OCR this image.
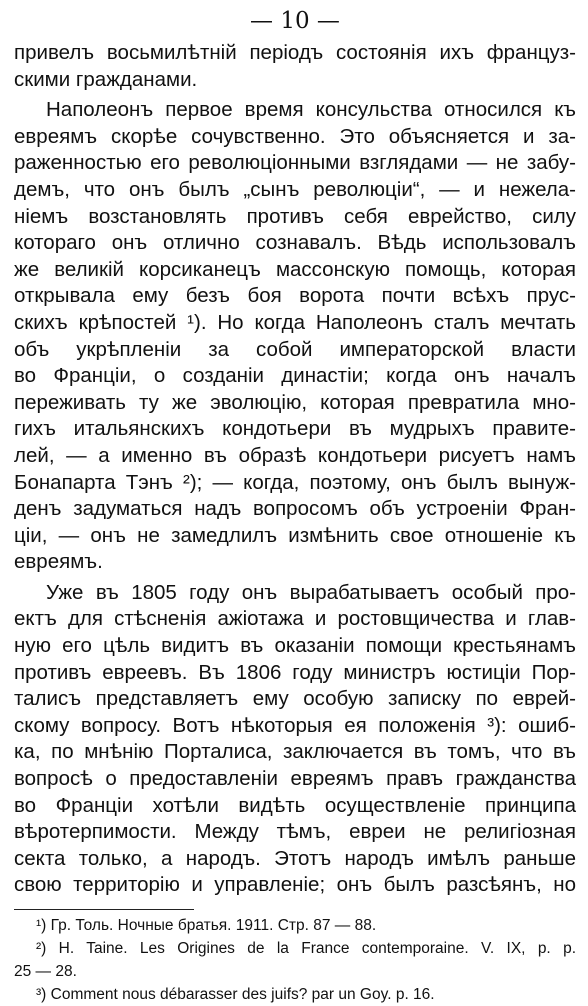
— 10 —
привелъ восьмилѣтній періодъ состоянія ихъ француз-
скими гражданами.
Наполеонъ первое время консульства относился къ
евреямъ скорѣе сочувственно. Это объясняется и за-
раженностью его революціонными взглядами — не забу-
демъ, что онъ былъ „сынъ революціи“, — и нежела-
ніемъ возстановлять противъ себя еврейство, силу
котораго онъ отлично сознавалъ. Вѣдь использовалъ
же великій корсиканецъ массонскую помощь, которая
открывала ему безъ боя ворота почти всѣхъ прус-
скихъ крѣпостей ¹). Но когда Наполеонъ сталъ мечтать
объ укрѣпленіи за собой императорской власти
во Франціи, о созданіи династіи; когда онъ началъ
переживать ту же эволюцію, которая превратила мно-
гихъ итальянскихъ кондотьери въ мудрыхъ правите-
лей, — а именно въ образѣ кондотьери рисуетъ намъ
Бонапарта Тэнъ ²); — когда, поэтому, онъ былъ вынуж-
денъ задуматься надъ вопросомъ объ устроеніи Фран-
ціи, — онъ не замедлилъ измѣнить свое отношеніе къ
евреямъ.
Уже въ 1805 году онъ вырабатываетъ особый про-
ектъ для стѣсненія ажіотажа и ростовщичества и глав-
ную его цѣль видитъ въ оказаніи помощи крестьянамъ
противъ евреевъ. Въ 1806 году министръ юстиціи Пор-
талисъ представляетъ ему особую записку по еврей-
скому вопросу. Вотъ нѣкоторыя ея положенія ³): ошиб-
ка, по мнѣнію Порталиса, заключается въ томъ, что въ
вопросѣ о предоставленіи евреямъ правъ гражданства
во Франціи хотѣли видѣть осуществленіе принципа
вѣротерпимости. Между тѣмъ, евреи не религіозная
секта только, а народъ. Этотъ народъ имѣлъ раньше
свою территорію и управленіе; онъ былъ разсѣянъ, но
¹) Гр. Толь. Ночные братья. 1911. Стр. 87 — 88.
²) H. Taine. Les Origines de la France contemporaine. V. IX, p. p.
25 — 28.
³) Comment nous débarasser des juifs? par un Goy. p. 16.
